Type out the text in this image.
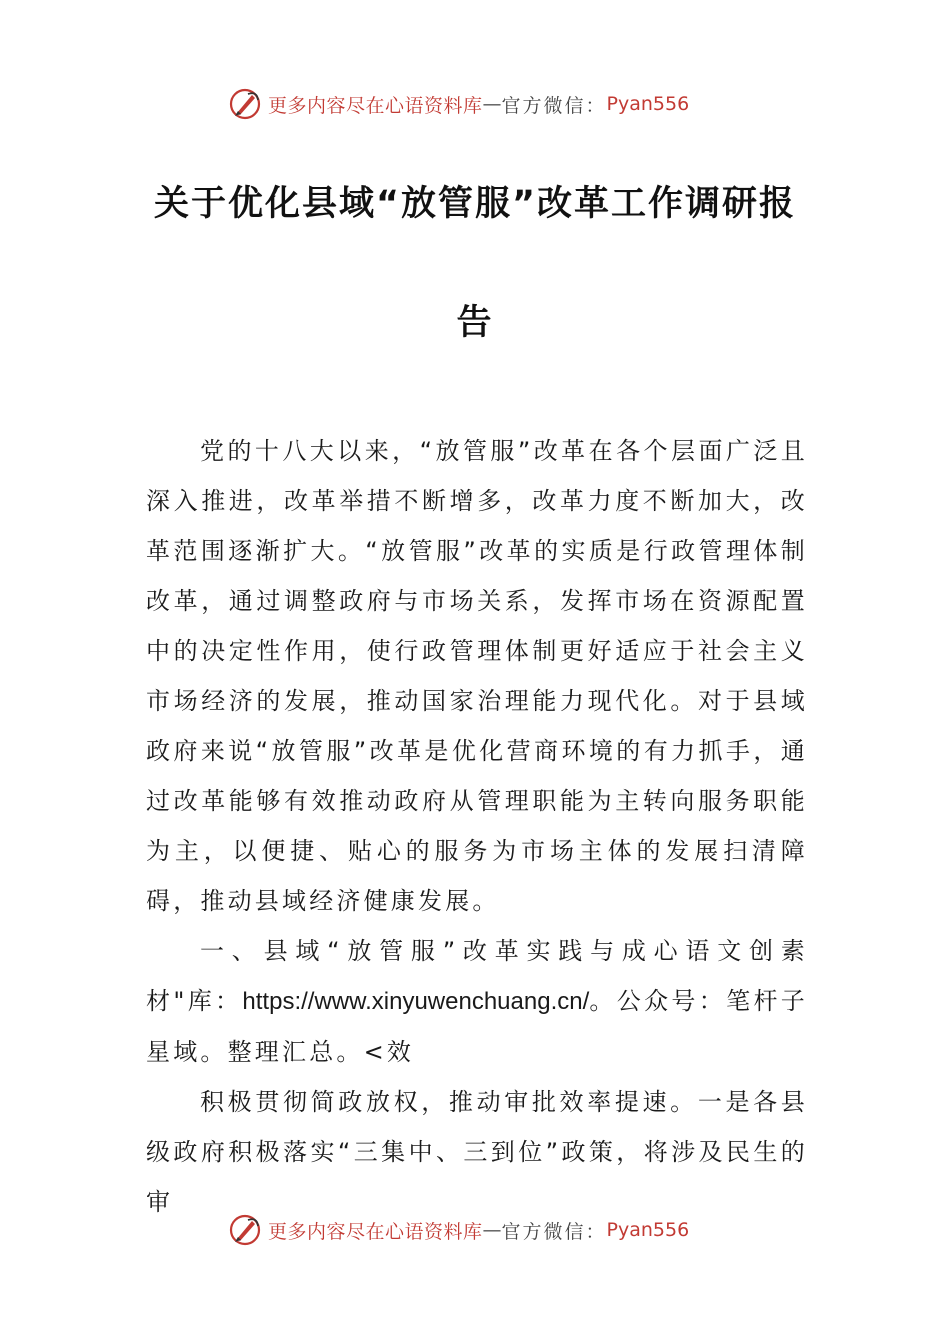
更多内容尽在心语资料库 — 官方微信： Pyan556
关于优化县域“放管服”改革工作调研报
告

党的十八大以来，“放管服”改革在各个层面广泛且深入推进，改革举措不断增多，改革力度不断加大，改革范围逐渐扩大。“放管服”改革的实质是行政管理体制改革，通过调整政府与市场关系，发挥市场在资源配置中的决定性作用，使行政管理体制更好适应于社会主义市场经济的发展，推动国家治理能力现代化。对于县域政府来说“放管服”改革是优化营商环境的有力抓手，通过改革能够有效推动政府从管理职能为主转向服务职能为主，以便捷、贴心的服务为市场主体的发展扫清障碍，推动县域经济健康发展。

一、县域“放管服”改革实践与成心语文创素材"库：https://www.xinyuwenchuang.cn/。公众号：笔杆子星域。整理汇总。<效

积极贯彻简政放权，推动审批效率提速。一是各县级政府积极落实“三集中、三到位”政策，将涉及民生的审

更多内容尽在心语资料库 — 官方微信： Pyan556
